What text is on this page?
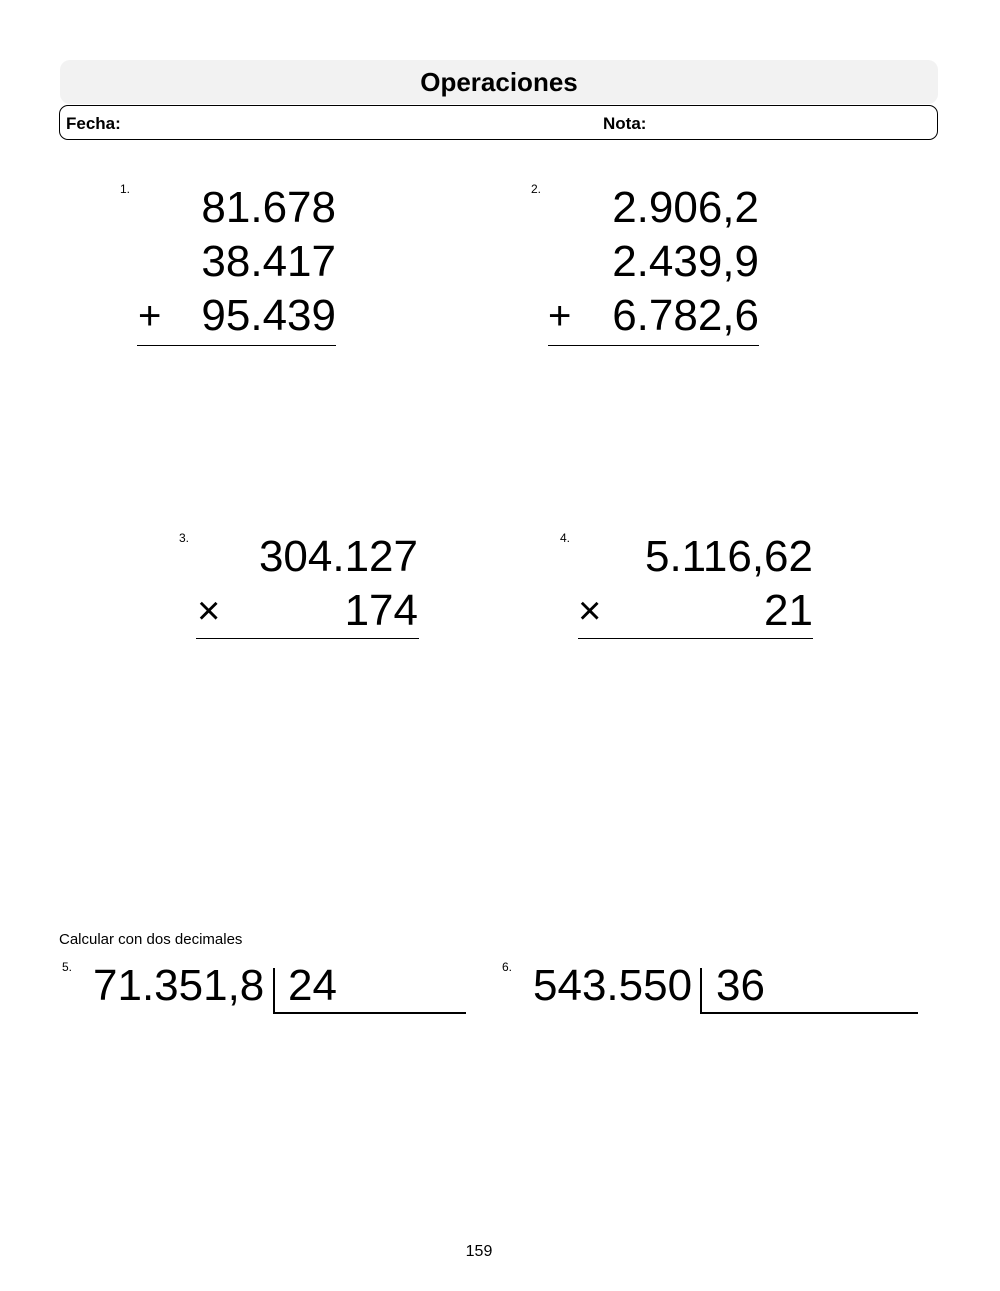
Operaciones
Fecha:	Nota:
1. 81.678
38.417
+ 95.439
2. 2.906,2
2.439,9
+ 6.782,6
3. 304.127
×	174
4. 5.116,62
×	21
Calcular con dos decimales
5. 71.351,8 24	6. 543.550 36
159
